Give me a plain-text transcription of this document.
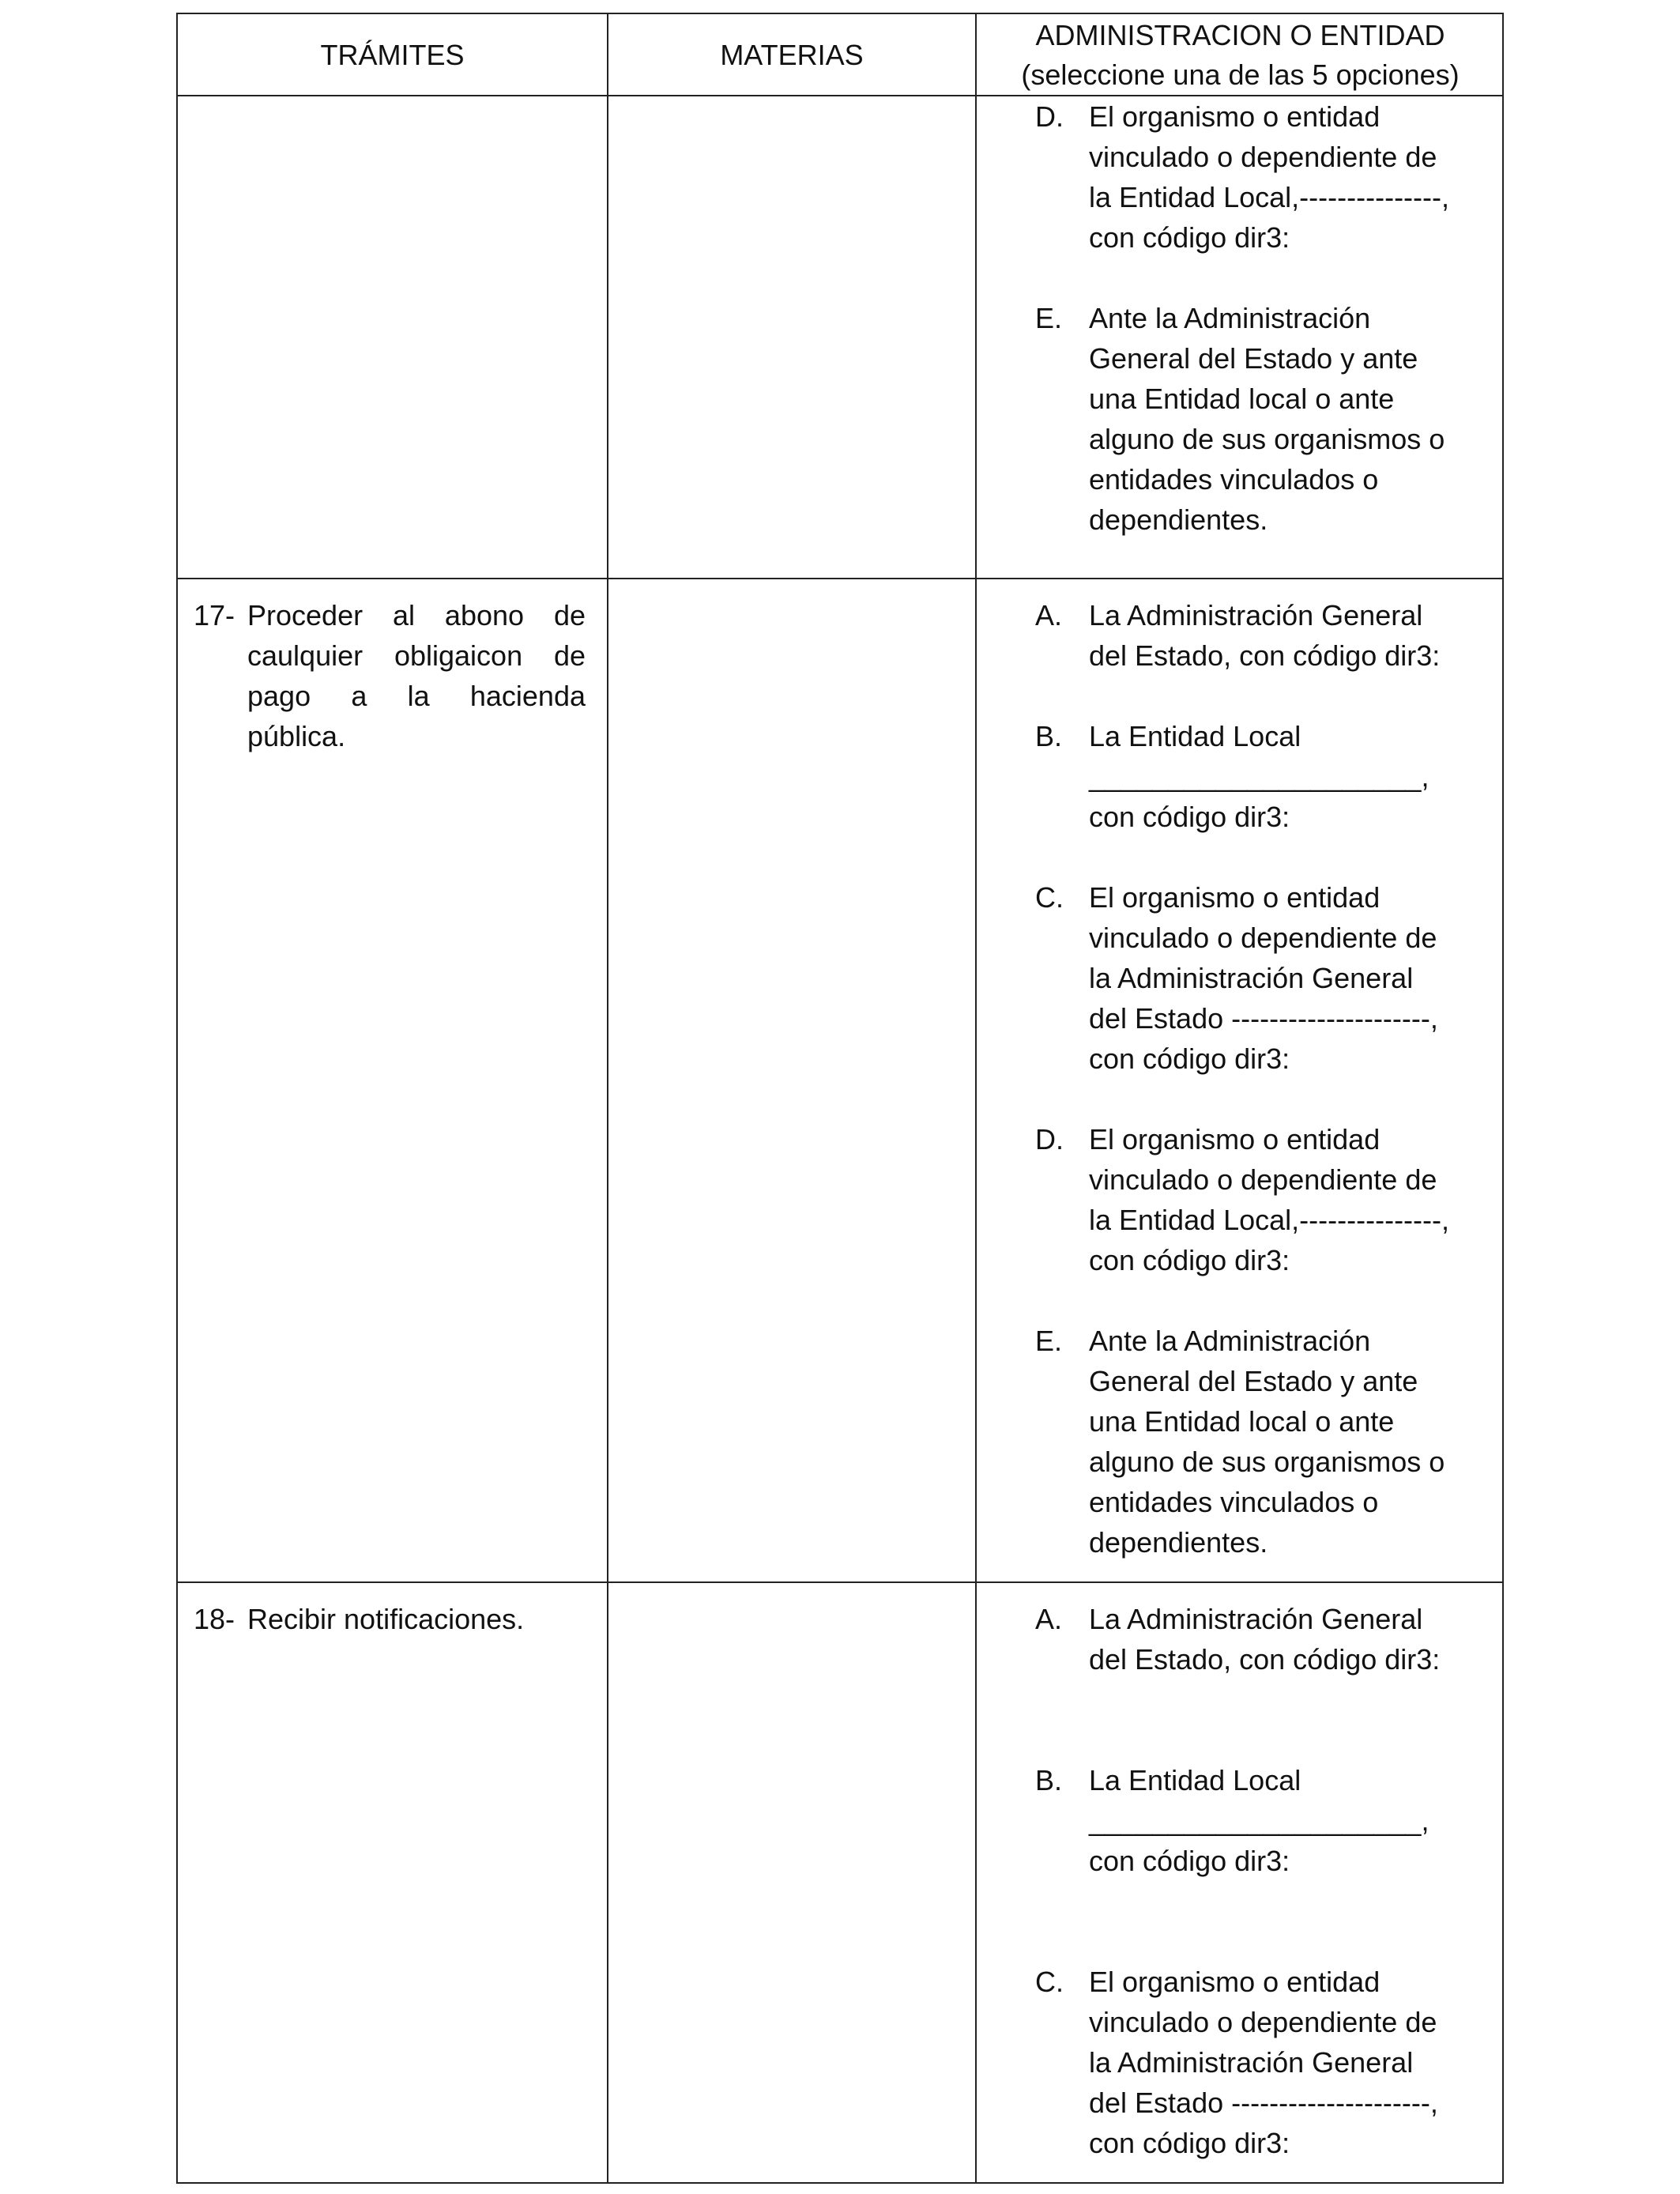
TRÁMITES	MATERIAS
ADMINISTRACION O ENTIDAD
(seleccione una de las 5 opciones)
D. El organismo o entidad
vinculado o dependiente de
la Entidad Local,---------------,
con código dir3:
E. Ante la Administración
General del Estado y ante
una Entidad local o ante
alguno de sus organismos o
entidades vinculados o
dependientes.
17- Proceder al abono de caulquier obligaicon de pago a la hacienda pública.
A. La Administración General
del Estado, con código dir3:
B. La Entidad Local
_____________________,
con código dir3:
C. El organismo o entidad
vinculado o dependiente de
la Administración General
del Estado ---------------------,
con código dir3:
D. El organismo o entidad
vinculado o dependiente de
la Entidad Local,---------------,
con código dir3:
E. Ante la Administración
General del Estado y ante
una Entidad local o ante
alguno de sus organismos o
entidades vinculados o
dependientes.
18- Recibir notificaciones.	A. La Administración General
del Estado, con código dir3:
B. La Entidad Local
_____________________,
con código dir3:
C. El organismo o entidad
vinculado o dependiente de
la Administración General
del Estado ---------------------,
con código dir3:
